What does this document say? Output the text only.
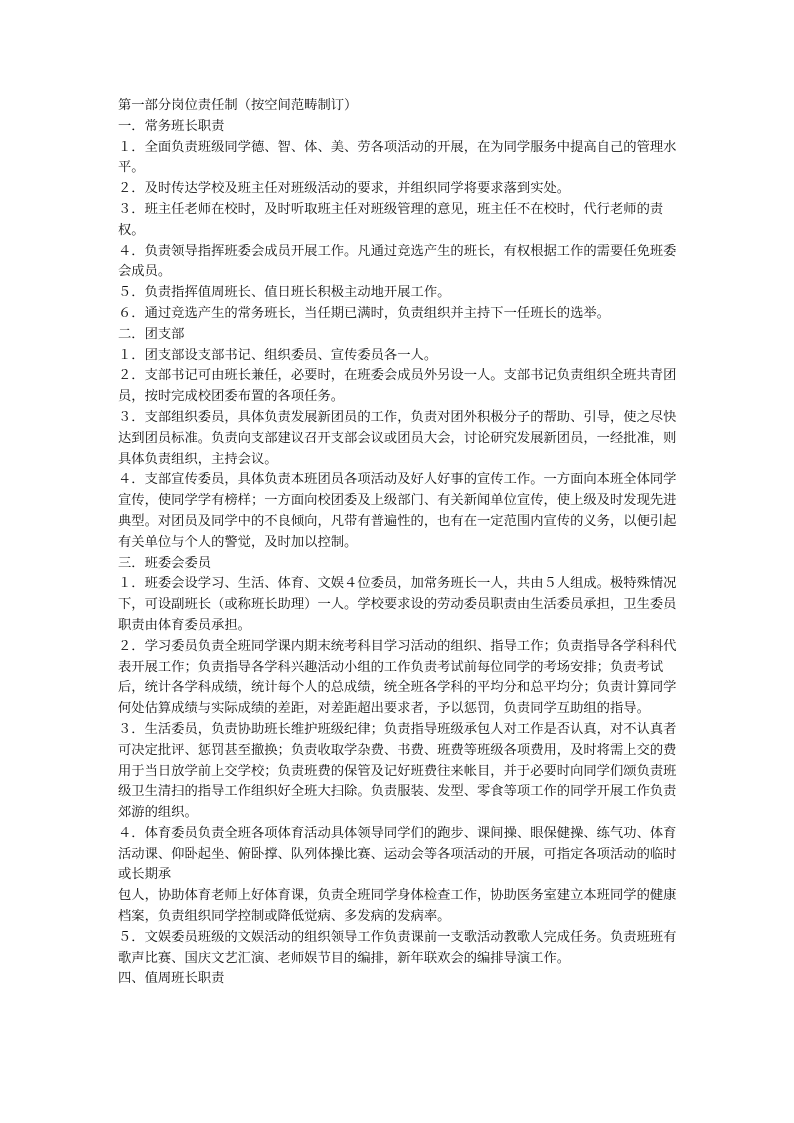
第一部分岗位责任制（按空间范畴制订）

一．常务班长职责

１．全面负责班级同学德、智、体、美、劳各项活动的开展，在为同学服务中提高自己的管理水平。

２．及时传达学校及班主任对班级活动的要求，并组织同学将要求落到实处。

３．班主任老师在校时，及时听取班主任对班级管理的意见，班主任不在校时，代行老师的责权。

４．负责领导指挥班委会成员开展工作。凡通过竞选产生的班长，有权根据工作的需要任免班委会成员。

５．负责指挥值周班长、值日班长积极主动地开展工作。

６．通过竞选产生的常务班长，当任期已满时，负责组织并主持下一任班长的选举。

二．团支部

１．团支部设支部书记、组织委员、宣传委员各一人。

２．支部书记可由班长兼任，必要时，在班委会成员外另设一人。支部书记负责组织全班共青团员，按时完成校团委布置的各项任务。

３．支部组织委员，具体负责发展新团员的工作，负责对团外积极分子的帮助、引导，使之尽快达到团员标准。负责向支部建议召开支部会议或团员大会，讨论研究发展新团员，一经批准，则具体负责组织，主持会议。

４．支部宣传委员，具体负责本班团员各项活动及好人好事的宣传工作。一方面向本班全体同学宣传，使同学学有榜样；一方面向校团委及上级部门、有关新闻单位宣传，使上级及时发现先进典型。对团员及同学中的不良倾向，凡带有普遍性的，也有在一定范围内宣传的义务，以便引起有关单位与个人的警觉，及时加以控制。

三．班委会委员

１．班委会设学习、生活、体育、文娱４位委员，加常务班长一人，共由５人组成。极特殊情况下，可设副班长（或称班长助理）一人。学校要求设的劳动委员职责由生活委员承担，卫生委员职责由体育委员承担。

２．学习委员负责全班同学课内期末统考科目学习活动的组织、指导工作；负责指导各学科科代表开展工作；负责指导各学科兴趣活动小组的工作负责考试前每位同学的考场安排；负责考试后，统计各学科成绩，统计每个人的总成绩，统全班各学科的平均分和总平均分；负责计算同学何处估算成绩与实际成绩的差距，对差距超出要求者，予以惩罚，负责同学互助组的指导。

３．生活委员，负责协助班长维护班级纪律；负责指导班级承包人对工作是否认真，对不认真者可决定批评、惩罚甚至撤换；负责收取学杂费、书费、班费等班级各项费用，及时将需上交的费用于当日放学前上交学校；负责班费的保管及记好班费往来帐目，并于必要时向同学们颂负责班级卫生清扫的指导工作组织好全班大扫除。负责服装、发型、零食等项工作的同学开展工作负责郊游的组织。

４．体育委员负责全班各项体育活动具体领导同学们的跑步、课间操、眼保健操、练气功、体育活动课、仰卧起坐、俯卧撑、队列体操比赛、运动会等各项活动的开展，可指定各项活动的临时或长期承

包人，协助体育老师上好体育课，负责全班同学身体检查工作，协助医务室建立本班同学的健康档案，负责组织同学控制或降低觉病、多发病的发病率。

５．文娱委员班级的文娱活动的组织领导工作负责课前一支歌活动教歌人完成任务。负责班班有歌声比赛、国庆文艺汇演、老师娱节目的编排，新年联欢会的编排导演工作。

四、值周班长职责
